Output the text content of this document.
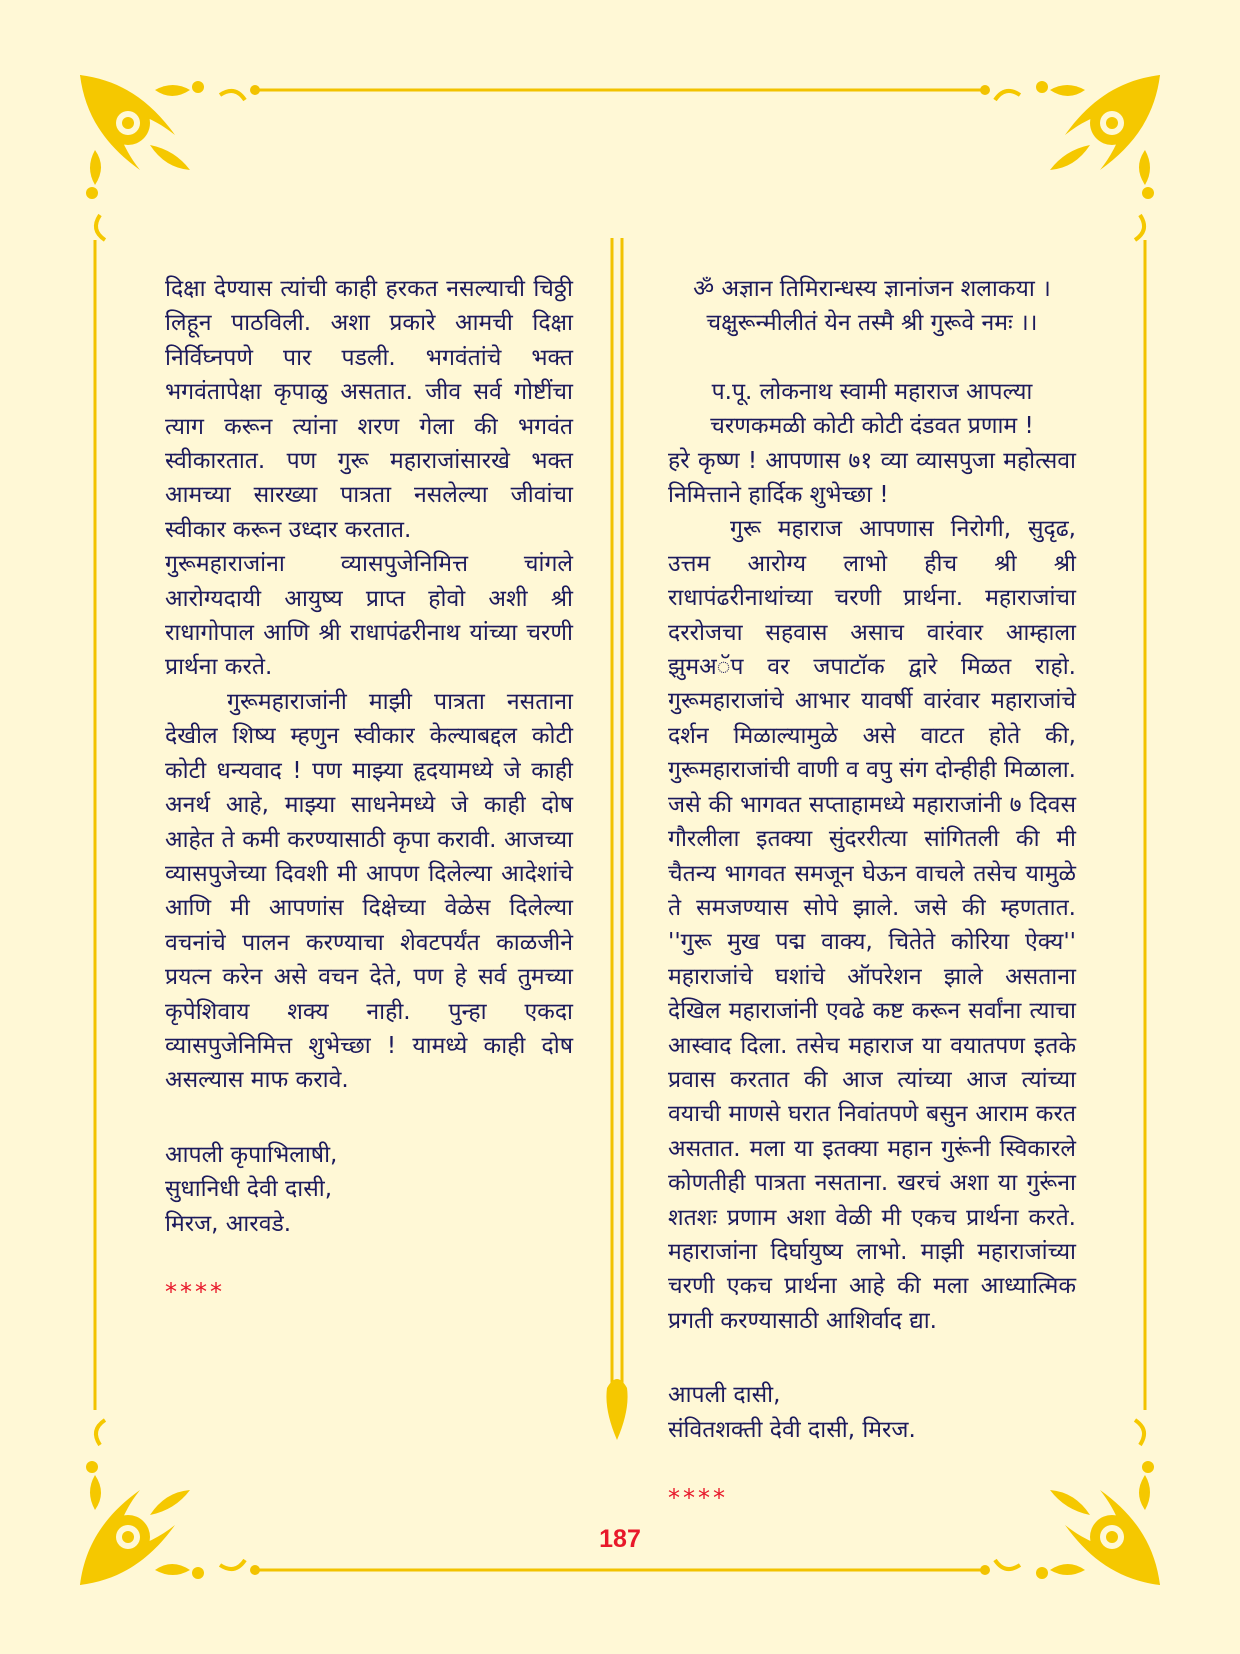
दिक्षा देण्यास त्यांची काही हरकत नसल्याची चिठ्ठी

लिहून पाठविली. अशा प्रकारे आमची दिक्षा

निर्विघ्नपणे पार पडली. भगवंतांचे भक्त

भगवंतापेक्षा कृपाळु असतात. जीव सर्व गोष्टींचा

त्याग करून त्यांना शरण गेला की भगवंत

स्वीकारतात. पण गुरू महाराजांसारखे भक्त

आमच्या सारख्या पात्रता नसलेल्या जीवांचा

स्वीकार करून उध्दार करतात.

गुरूमहाराजांना व्यासपुजेनिमित्त चांगले

आरोग्यदायी आयुष्य प्राप्त होवो अशी श्री

राधागोपाल आणि श्री राधापंढरीनाथ यांच्या चरणी

प्रार्थना करते.

गुरूमहाराजांनी माझी पात्रता नसताना

देखील शिष्य म्हणुन स्वीकार केल्याबद्दल कोटी

कोटी धन्यवाद ! पण माझ्या हृदयामध्ये जे काही

अनर्थ आहे, माझ्या साधनेमध्ये जे काही दोष

आहेत ते कमी करण्यासाठी कृपा करावी. आजच्या

व्यासपुजेच्या दिवशी मी आपण दिलेल्या आदेशांचे

आणि मी आपणांस दिक्षेच्या वेळेस दिलेल्या

वचनांचे पालन करण्याचा शेवटपर्यंत काळजीने

प्रयत्न करेन असे वचन देते, पण हे सर्व तुमच्या

कृपेशिवाय शक्य नाही. पुन्हा एकदा

व्यासपुजेनिमित्त शुभेच्छा ! यामध्ये काही दोष

असल्यास माफ करावे.

आपली कृपाभिलाषी,

सुधानिधी देवी दासी,

मिरज, आरवडे.

****

ॐ अज्ञान तिमिरान्धस्य ज्ञानांजन शलाकया ।

चक्षुरून्मीलीतं येन तस्मै श्री गुरूवे नमः ।।

प.पू. लोकनाथ स्वामी महाराज आपल्या

चरणकमळी कोटी कोटी दंडवत प्रणाम !

हरे कृष्ण ! आपणास ७१ व्या व्यासपुजा महोत्सवा

निमित्ताने हार्दिक शुभेच्छा !

गुरू महाराज आपणास निरोगी, सुदृढ,

उत्तम आरोग्य लाभो हीच श्री श्री

राधापंढरीनाथांच्या चरणी प्रार्थना. महाराजांचा

दररोजचा सहवास असाच वारंवार आम्हाला

झुमअॅप वर जपाटॉक द्वारे मिळत राहो.

गुरूमहाराजांचे आभार यावर्षी वारंवार महाराजांचे

दर्शन मिळाल्यामुळे असे वाटत होते की,

गुरूमहाराजांची वाणी व वपु संग दोन्हीही मिळाला.

जसे की भागवत सप्ताहामध्ये महाराजांनी ७ दिवस

गौरलीला इतक्या सुंदररीत्या सांगितली की मी

चैतन्य भागवत समजून घेऊन वाचले तसेच यामुळे

ते समजण्यास सोपे झाले. जसे की म्हणतात.

''गुरू मुख पद्म वाक्य, चितेते कोरिया ऐक्य''

महाराजांचे घशांचे ऑपरेशन झाले असताना

देखिल महाराजांनी एवढे कष्ट करून सर्वांना त्याचा

आस्वाद दिला. तसेच महाराज या वयातपण इतके

प्रवास करतात की आज त्यांच्या आज त्यांच्या

वयाची माणसे घरात निवांतपणे बसुन आराम करत

असतात. मला या इतक्या महान गुरूंनी स्विकारले

कोणतीही पात्रता नसताना. खरचं अशा या गुरूंना

शतशः प्रणाम अशा वेळी मी एकच प्रार्थना करते.

महाराजांना दिर्घायुष्य लाभो. माझी महाराजांच्या

चरणी एकच प्रार्थना आहे की मला आध्यात्मिक

प्रगती करण्यासाठी आशिर्वाद द्या.

आपली दासी,

संवितशक्ती देवी दासी, मिरज.

****

187
